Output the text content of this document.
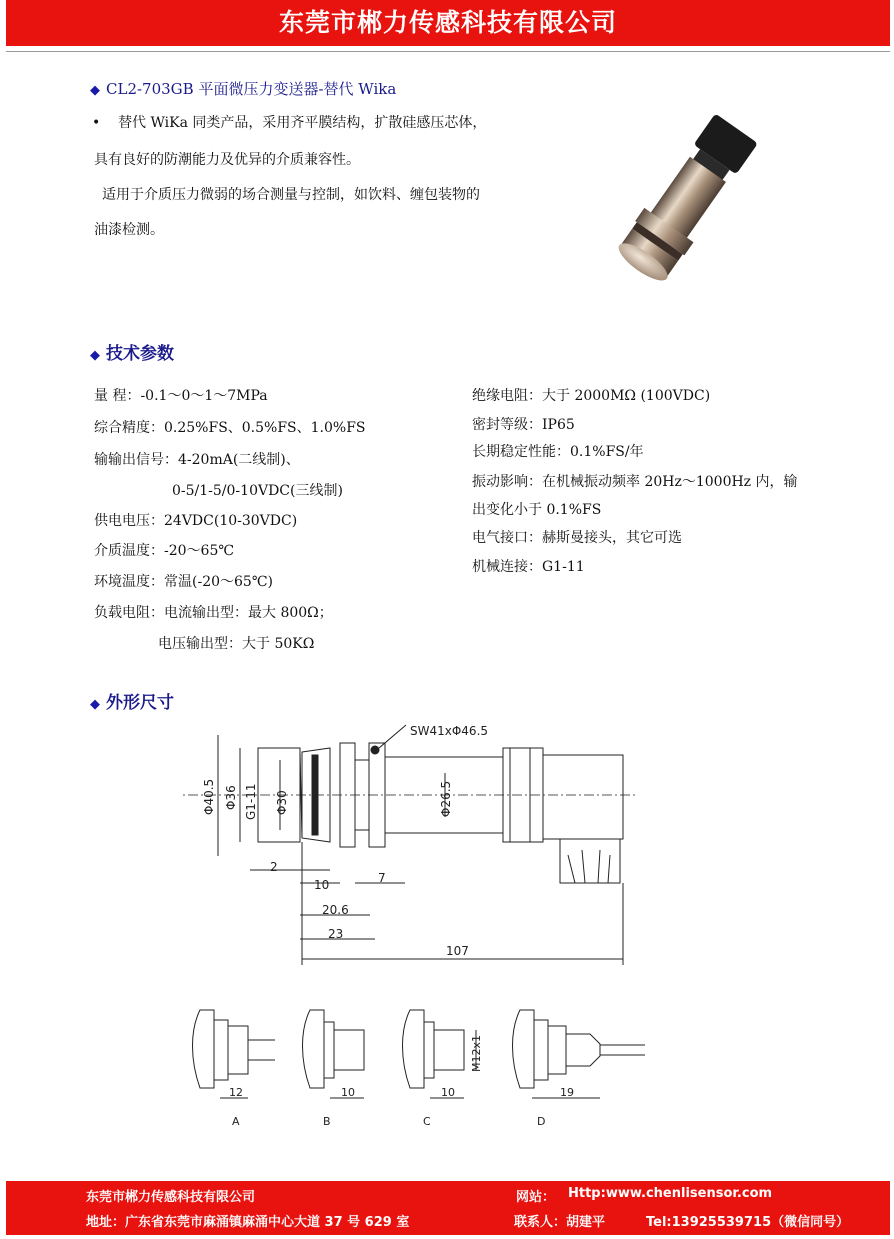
东莞市郴力传感科技有限公司
◆ CL2-703GB 平面微压力变送器-替代 Wika
•    替代 WiKa 同类产品，采用齐平膜结构，扩散硅感压芯体，
具有良好的防潮能力及优异的介质兼容性。
适用于介质压力微弱的场合测量与控制，如饮料、缠包装物的
油漆检测。
◆ 技术参数
量 程：-0.1～0～1～7MPa
综合精度：0.25%FS、0.5%FS、1.0%FS
输输出信号：4-20mA(二线制)、
0-5/1-5/0-10VDC(三线制)
供电电压：24VDC(10-30VDC)
介质温度：-20～65℃
环境温度：常温(-20～65℃)
负载电阻：电流输出型：最大 800Ω；
电压输出型：大于 50KΩ
绝缘电阻：大于 2000MΩ (100VDC)
密封等级：IP65
长期稳定性能：0.1%FS/年
振动影响：在机械振动频率 20Hz～1000Hz 内，输
出变化小于 0.1%FS
电气接口：赫斯曼接头，其它可选
机械连接：G1-11
◆ 外形尺寸
SW41xΦ46.5
Φ40.5 Φ36 G1-11 Φ30	Φ26.5
2
10	7
20.6
23
107
12
A
10
B
M12x1
10
C
19
D
东莞市郴力传感科技有限公司	网站： Http:www.chenlisensor.com
地址：广东省东莞市麻涌镇麻涌中心大道 37 号 629 室	联系人：胡建平	Tel:13925539715（微信同号）
